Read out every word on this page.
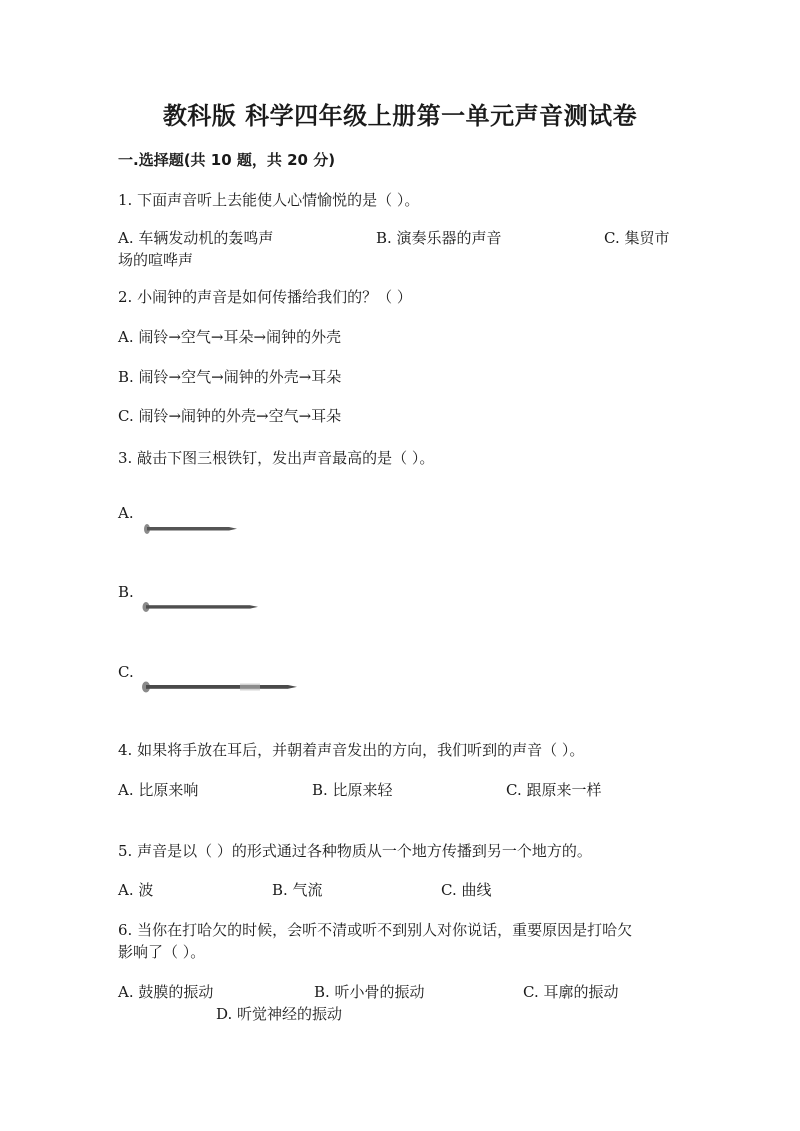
教科版 科学四年级上册第一单元声音测试卷
一.选择题(共 10 题，共 20 分)
1. 下面声音听上去能使人心情愉悦的是（ ）。
A. 车辆发动机的轰鸣声	B. 演奏乐器的声音	C. 集贸市
场的喧哗声
2. 小闹钟的声音是如何传播给我们的？（ ）
A. 闹铃→空气→耳朵→闹钟的外壳
B. 闹铃→空气→闹钟的外壳→耳朵
C. 闹铃→闹钟的外壳→空气→耳朵
3. 敲击下图三根铁钉，发出声音最高的是（ ）。
A.
B.
C.
4. 如果将手放在耳后，并朝着声音发出的方向，我们听到的声音（ ）。
A. 比原来响	B. 比原来轻	C. 跟原来一样
5. 声音是以（ ）的形式通过各种物质从一个地方传播到另一个地方的。
A. 波	B. 气流	C. 曲线
6. 当你在打哈欠的时候，会听不清或听不到别人对你说话，重要原因是打哈欠
影响了（ ）。
A. 鼓膜的振动	B. 听小骨的振动	C. 耳廓的振动
D. 听觉神经的振动
